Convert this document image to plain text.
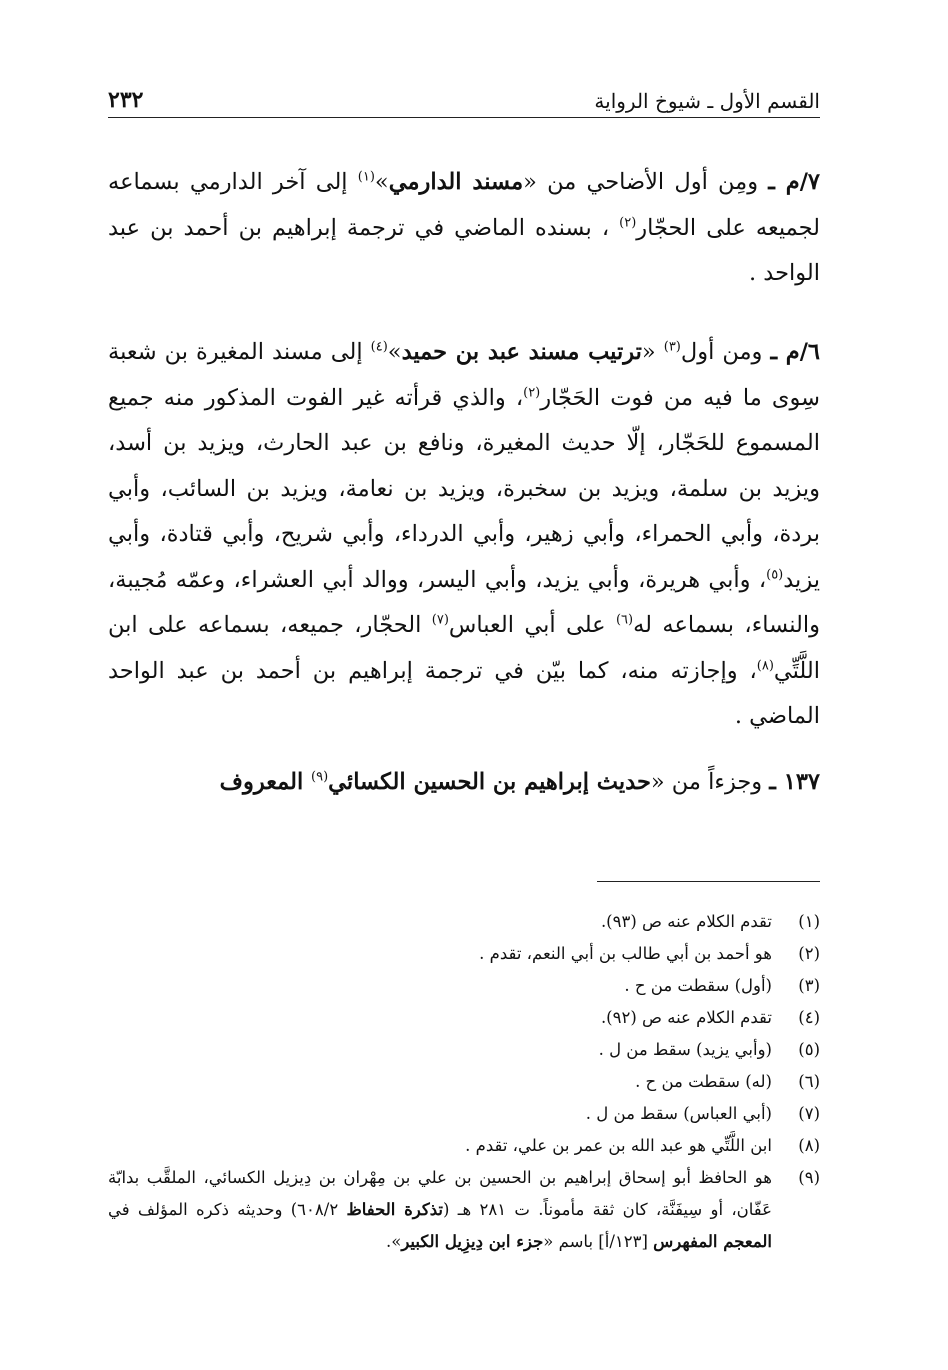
القسم الأول ـ شيوخ الرواية
٢٣٢
٧/م ـ ومِن أول الأضاحي من «مسند الدارمي»$^{(١)}$ إلى آخر الدارمي بسماعه لجميعه على الحجّار$^{(٢)}$ ، بسنده الماضي في ترجمة إبراهيم بن أحمد بن عبد الواحد .
٦/م ـ ومن أول$^{(٣)}$ «ترتيب مسند عبد بن حميد»$^{(٤)}$ إلى مسند المغيرة بن شعبة سِوى ما فيه من فوت الحَجّار$^{(٢)}$، والذي قرأته غير الفوت المذكور منه جميع المسموع للحَجّار، إلّا حديث المغيرة، ونافع بن عبد الحارث، ويزيد بن أسد، ويزيد بن سلمة، ويزيد بن سخبرة، ويزيد بن نعامة، ويزيد بن السائب، وأبي بردة، وأبي الحمراء، وأبي زهير، وأبي الدرداء، وأبي شريح، وأبي قتادة، وأبي يزيد$^{(٥)}$، وأبي هريرة، وأبي يزيد، وأبي اليسر، ووالد أبي العشراء، وعمّه مُجيبة، والنساء، بسماعه له$^{(٦)}$ على أبي العباس$^{(٧)}$ الحجّار، جميعه، بسماعه على ابن اللَّتِّي$^{(٨)}$، وإجازته منه، كما بيّن في ترجمة إبراهيم بن أحمد بن عبد الواحد الماضي .
١٣٧ ـ وجزءاً من «حديث إبراهيم بن الحسين الكسائي$^{(٩)}$ المعروف
(١)
تقدم الكلام عنه ص (٩٣).
(٢)
هو أحمد بن أبي طالب بن أبي النعم، تقدم .
(٣)
(أول) سقطت من ح .
(٤)
تقدم الكلام عنه ص (٩٢).
(٥)
(وأبي يزيد) سقط من ل .
(٦)
(له) سقطت من ح .
(٧)
(أبي العباس) سقط من ل .
(٨)
ابن اللَّتِّي هو عبد الله بن عمر بن علي، تقدم .
(٩)
هو الحافظ أبو إسحاق إبراهيم بن الحسين بن علي بن مِهْران بن دِيزيل الكسائي، الملقَّب بدابّة عَفّان، أو سِيفَنَّة، كان ثقة مأموناً. ت ٢٨١ هـ (تذكرة الحفاظ ٦٠٨/٢) وحديثه ذكره المؤلف في المعجم المفهرس [١٢٣/أ] باسم «جزء ابن دِيزِيل الكبير».
